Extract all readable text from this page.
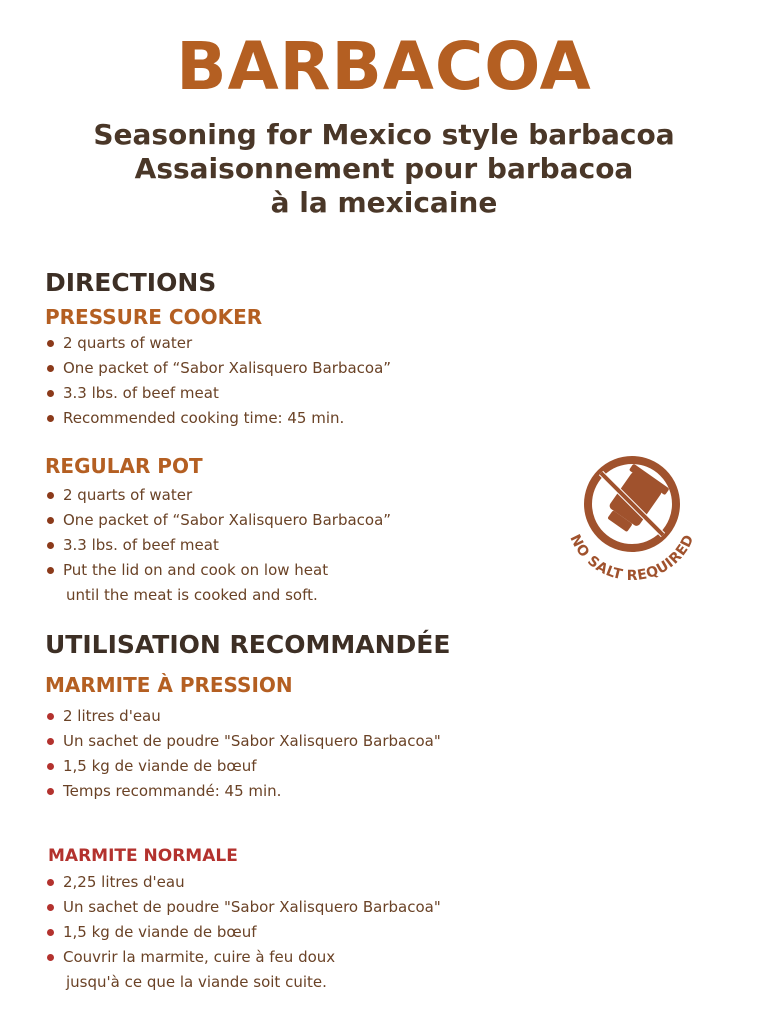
BARBACOA
Seasoning for Mexico style barbacoa
Assaisonnement pour barbacoa
à la mexicaine
DIRECTIONS
PRESSURE COOKER
2 quarts of water
One packet of “Sabor Xalisquero Barbacoa”
3.3 lbs. of beef meat
Recommended cooking time: 45 min.
REGULAR POT
2 quarts of water
One packet of “Sabor Xalisquero Barbacoa”
3.3 lbs. of beef meat
Put the lid on and cook on low heat
until the meat is cooked and soft.
NO SALT REQUIRED
UTILISATION RECOMMANDÉE
MARMITE À PRESSION
2 litres d'eau
Un sachet de poudre "Sabor Xalisquero Barbacoa"
1,5 kg de viande de bœuf
Temps recommandé: 45 min.
MARMITE NORMALE
2,25 litres d'eau
Un sachet de poudre "Sabor Xalisquero Barbacoa"
1,5 kg de viande de bœuf
Couvrir la marmite, cuire à feu doux
jusqu'à ce que la viande soit cuite.
